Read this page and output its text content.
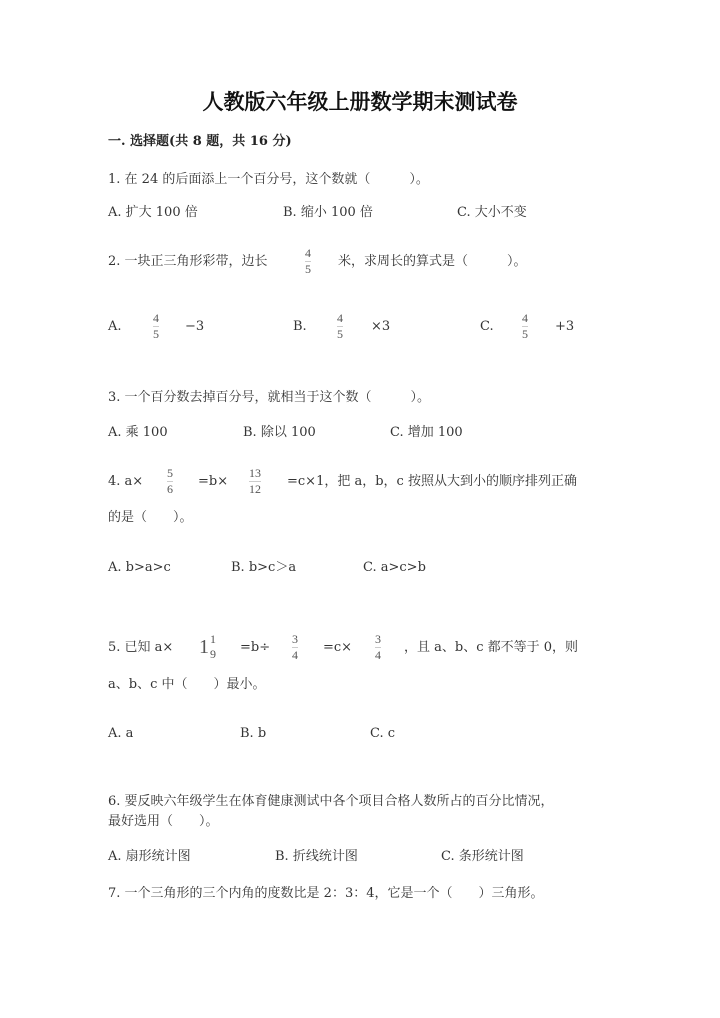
人教版六年级上册数学期末测试卷
一. 选择题(共 8 题，共 16 分)
1. 在 24 的后面添上一个百分号，这个数就（　　　）。
A. 扩大 100 倍	B. 缩小 100 倍	C. 大小不变
2. 一块正三角形彩带，边长
4
5 米，求周长的算式是（　　　）。
A.
4
5 −3	B.
4
5 ×3	C.
4
5 +3
3. 一个百分数去掉百分号，就相当于这个数（　　　）。
A. 乘 100	B. 除以 100	C. 增加 100
4. a×
5
6 =b×
13
12 =c×1，把 a，b，c 按照从大到小的顺序排列正确
的是（　　）。
A. b>a>c	B. b>c＞a	C. a>c>b
5. 已知 a× 1 1
9 =b÷
3
4 =c×
3
4 ，且 a、b、c 都不等于 0，则
a、b、c 中（　　）最小。
A. a	B. b	C. c
6. 要反映六年级学生在体育健康测试中各个项目合格人数所占的百分比情况，
最好选用（　　）。
A. 扇形统计图	B. 折线统计图	C. 条形统计图
7. 一个三角形的三个内角的度数比是 2：3：4，它是一个（　　）三角形。
